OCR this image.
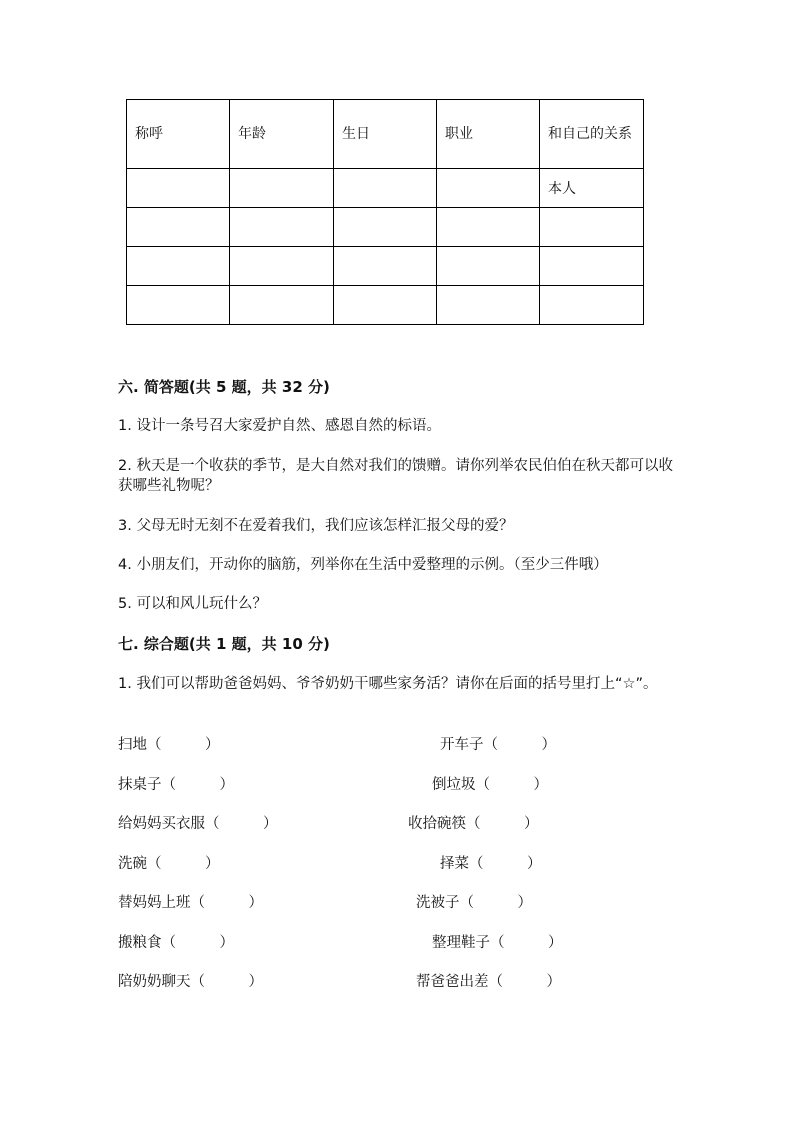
称呼	年龄	生日	职业	和自己的关系
				本人

六. 简答题(共 5 题，共 32 分)
1. 设计一条号召大家爱护自然、感恩自然的标语。
2. 秋天是一个收获的季节，是大自然对我们的馈赠。请你列举农民伯伯在秋天都可以收获哪些礼物呢？
3. 父母无时无刻不在爱着我们，我们应该怎样汇报父母的爱？
4. 小朋友们，开动你的脑筋，列举你在生活中爱整理的示例。（至少三件哦）
5. 可以和风儿玩什么？
七. 综合题(共 1 题，共 10 分)
1. 我们可以帮助爸爸妈妈、爷爷奶奶干哪些家务活？请你在后面的括号里打上“☆”。
扫地（　　　）
抹桌子（　　　）
给妈妈买衣服（　　　）
洗碗（　　　）
替妈妈上班（　　　）
搬粮食（　　　）
陪奶奶聊天（　　　）
开车子（　　　）
倒垃圾（　　　）
收拾碗筷（　　　）
择菜（　　　）
洗被子（　　　）
整理鞋子（　　　）
帮爸爸出差（　　　）
